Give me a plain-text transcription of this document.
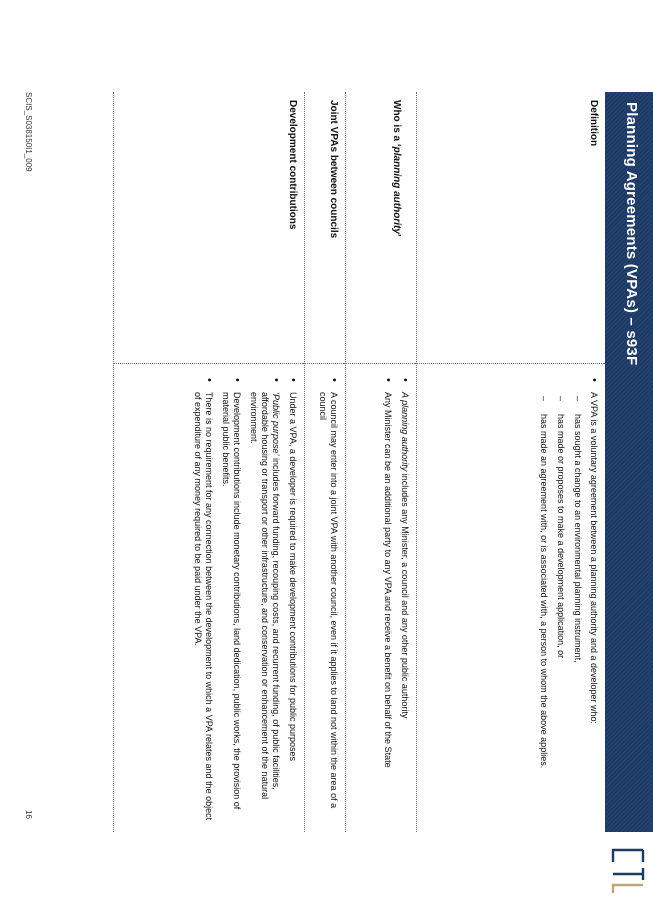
Planning Agreements (VPAs) – s93F
Definition
• A VPA is a voluntary agreement between a planning authority and a developer who:
– has sought a change to an environmental planning instrument,
– has made or proposes to make a development application, or
– has made an agreement with, or is associated with, a person to whom the above applies.
Who is a ‘planning authority’
• A planning authority includes any Minister, a council and any other public authority
• Any Minister can be an additional party to any VPA and receive a benefit on behalf of the State
Joint VPAs between councils
• A council may enter into a joint VPA with another council, even if it applies to land not within the area of a council
Development contributions
• Under a VPA, a developer is required to make development contributions for public purposes
• ‘Public purpose’ includes forward funding, recouping costs, and recurrent funding, of public facilities, affordable housing or transport or other infrastructure, and conservation or enhancement of the natural environment.
• Development contributions include monetary contributions, land dedication, public works, the provision of material public benefits.
• There is no requirement for any connection between the development to which a VPA relates and the object of expenditure of any money required to be paid under the VPA.
SCIS_S038150I1_009
16
